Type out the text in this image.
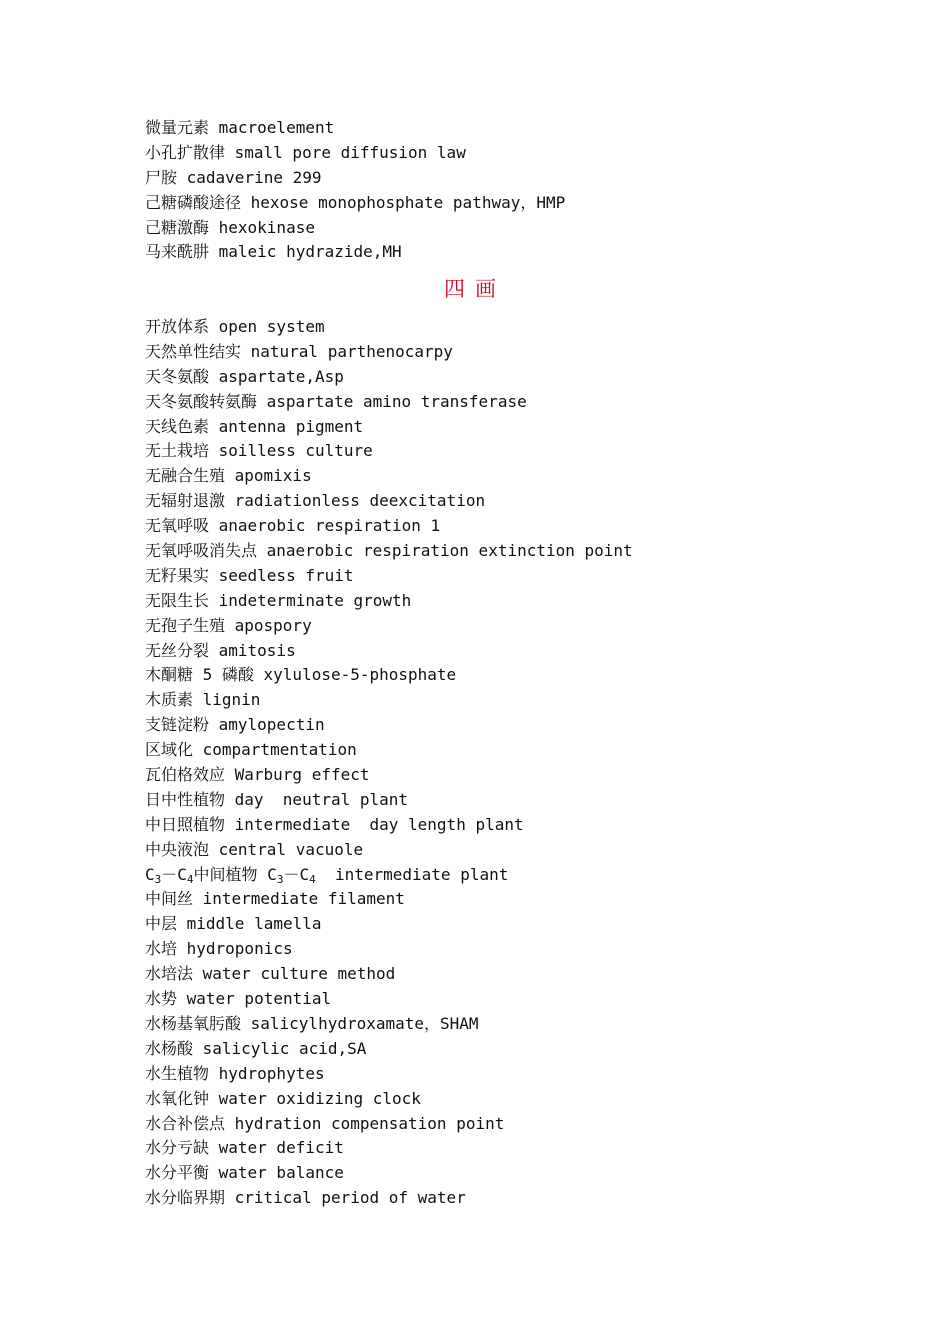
微量元素 macroelement
小孔扩散律 small pore diffusion law
尸胺 cadaverine 299
己糖磷酸途径 hexose monophosphate pathway，HMP
己糖激酶 hexokinase
马来酰肼 maleic hydrazide,MH
四画
开放体系 open system
天然单性结实 natural parthenocarpy
天冬氨酸 aspartate,Asp
天冬氨酸转氨酶 aspartate amino transferase
天线色素 antenna pigment
无土栽培 soilless culture
无融合生殖 apomixis
无辐射退激 radiationless deexcitation
无氧呼吸 anaerobic respiration 1
无氧呼吸消失点 anaerobic respiration extinction point
无籽果实 seedless fruit
无限生长 indeterminate growth
无孢子生殖 apospory
无丝分裂 amitosis
木酮糖 5 磷酸 xylulose-5-phosphate
木质素 lignin
支链淀粉 amylopectin
区域化 compartmentation
瓦伯格效应 Warburg effect
日中性植物 day  neutral plant
中日照植物 intermediate  day length plant
中央液泡 central vacuole
$C_3-C_4$中间植物 $C_3-C_4$  intermediate plant
中间丝 intermediate filament
中层 middle lamella
水培 hydroponics
水培法 water culture method
水势 water potential
水杨基氧肟酸 salicylhydroxamate，SHAM
水杨酸 salicylic acid,SA
水生植物 hydrophytes
水氧化钟 water oxidizing clock
水合补偿点 hydration compensation point
水分亏缺 water deficit
水分平衡 water balance
水分临界期 critical period of water
